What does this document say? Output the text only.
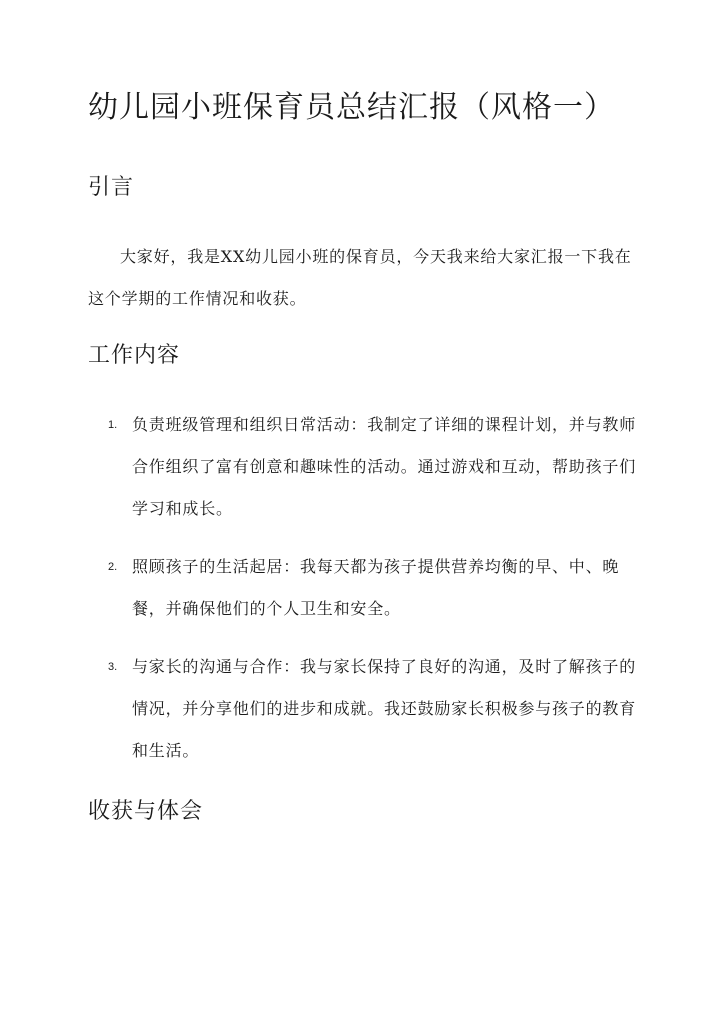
幼儿园小班保育员总结汇报（风格一）
引言

大家好，我是XX幼儿园小班的保育员，今天我来给大家汇报一下我在这个学期的工作情况和收获。

工作内容
1. 负责班级管理和组织日常活动：我制定了详细的课程计划，并与教师合作组织了富有创意和趣味性的活动。通过游戏和互动，帮助孩子们学习和成长。
2. 照顾孩子的生活起居：我每天都为孩子提供营养均衡的早、中、晚餐，并确保他们的个人卫生和安全。
3. 与家长的沟通与合作：我与家长保持了良好的沟通，及时了解孩子的情况，并分享他们的进步和成就。我还鼓励家长积极参与孩子的教育和生活。
收获与体会
